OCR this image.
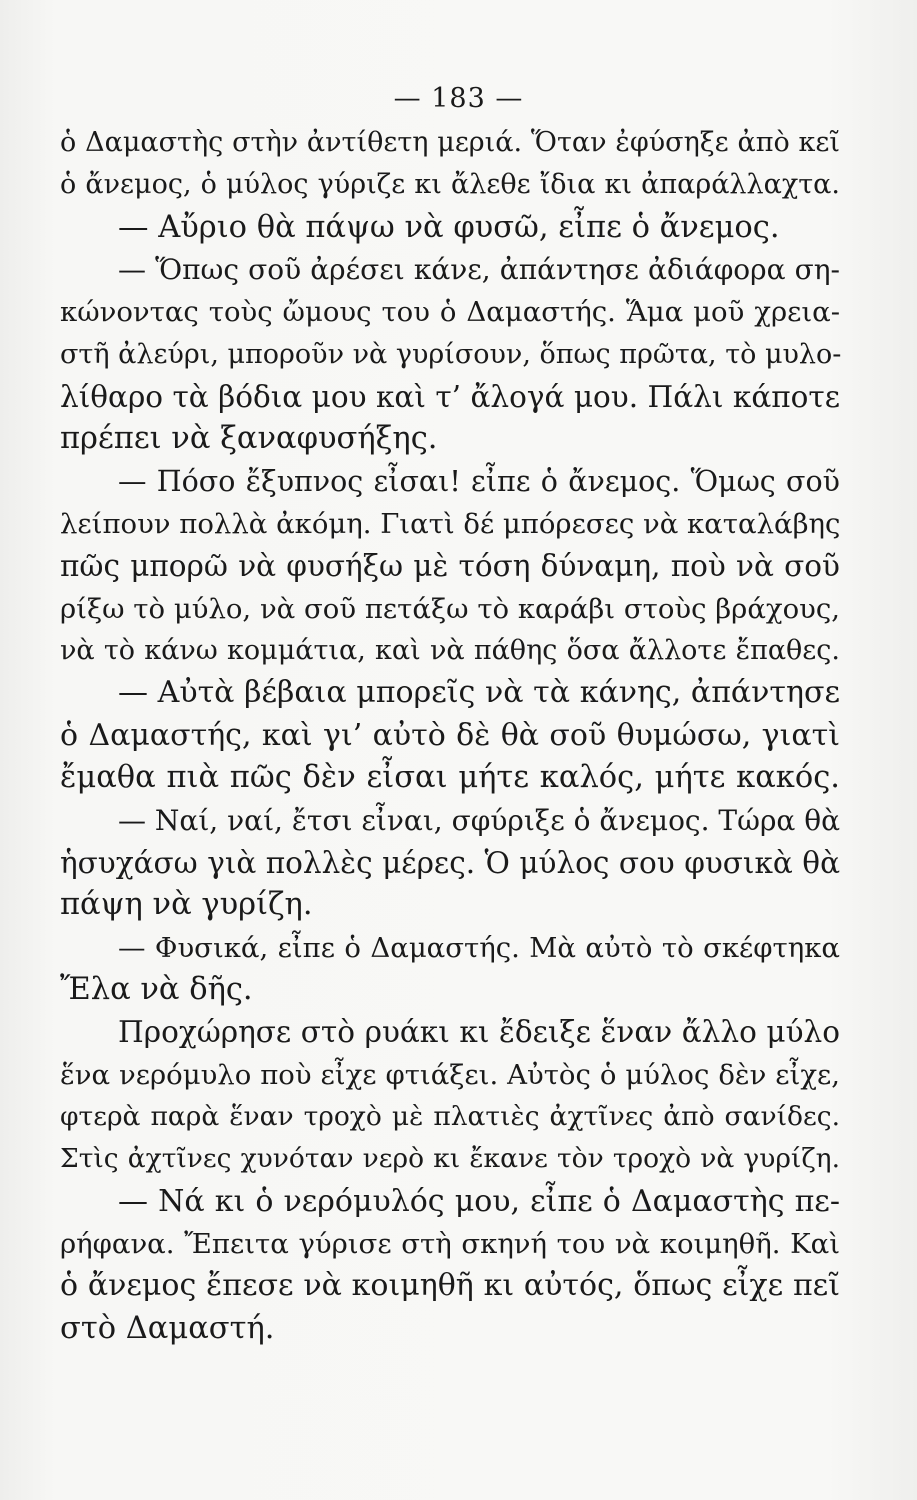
— 183 —
ὁ Δαμαστὴς στὴν ἀντίθετη μεριά. Ὅταν ἐφύσηξε ἀπὸ κεῖ
ὁ ἄνεμος, ὁ μύλος γύριζε κι ἄλεθε ἴδια κι ἀπαράλλαχτα.
— Αὔριο θὰ πάψω νὰ φυσῶ, εἶπε ὁ ἄνεμος.
— Ὅπως σοῦ ἀρέσει κάνε, ἀπάντησε ἀδιάφορα ση-
κώνοντας τοὺς ὤμους του ὁ Δαμαστής. Ἅμα μοῦ χρεια-
στῆ ἀλεύρι, μποροῦν νὰ γυρίσουν, ὅπως πρῶτα, τὸ μυλο-
λίθαρο τὰ βόδια μου καὶ τ’ ἄλογά μου. Πάλι κάποτε
πρέπει νὰ ξαναφυσήξης.
— Πόσο ἔξυπνος εἶσαι! εἶπε ὁ ἄνεμος. Ὅμως σοῦ
λείπουν πολλὰ ἀκόμη. Γιατὶ δέ μπόρεσες νὰ καταλάβης
πῶς μπορῶ νὰ φυσήξω μὲ τόση δύναμη, ποὺ νὰ σοῦ
ρίξω τὸ μύλο, νὰ σοῦ πετάξω τὸ καράβι στοὺς βράχους,
νὰ τὸ κάνω κομμάτια, καὶ νὰ πάθης ὅσα ἄλλοτε ἔπαθες.
— Αὐτὰ βέβαια μπορεῖς νὰ τὰ κάνης, ἀπάντησε
ὁ Δαμαστής, καὶ γι’ αὐτὸ δὲ θὰ σοῦ θυμώσω, γιατὶ
ἔμαθα πιὰ πῶς δὲν εἶσαι μήτε καλός, μήτε κακός.
— Ναί, ναί, ἔτσι εἶναι, σφύριξε ὁ ἄνεμος. Τώρα θὰ
ἡσυχάσω γιὰ πολλὲς μέρες. Ὁ μύλος σου φυσικὰ θὰ
πάψη νὰ γυρίζη.
— Φυσικά, εἶπε ὁ Δαμαστής. Μὰ αὐτὸ τὸ σκέφτηκα
Ἔλα νὰ δῆς.
Προχώρησε στὸ ρυάκι κι ἔδειξε ἕναν ἄλλο μύλο
ἕνα νερόμυλο ποὺ εἶχε φτιάξει. Αὐτὸς ὁ μύλος δὲν εἶχε,
φτερὰ παρὰ ἕναν τροχὸ μὲ πλατιὲς ἀχτῖνες ἀπὸ σανίδες.
Στὶς ἀχτῖνες χυνόταν νερὸ κι ἔκανε τὸν τροχὸ νὰ γυρίζη.
— Νά κι ὁ νερόμυλός μου, εἶπε ὁ Δαμαστὴς πε-
ρήφανα. Ἔπειτα γύρισε στὴ σκηνή του νὰ κοιμηθῆ. Καὶ
ὁ ἄνεμος ἔπεσε νὰ κοιμηθῆ κι αὐτός, ὅπως εἶχε πεῖ
στὸ Δαμαστή.
